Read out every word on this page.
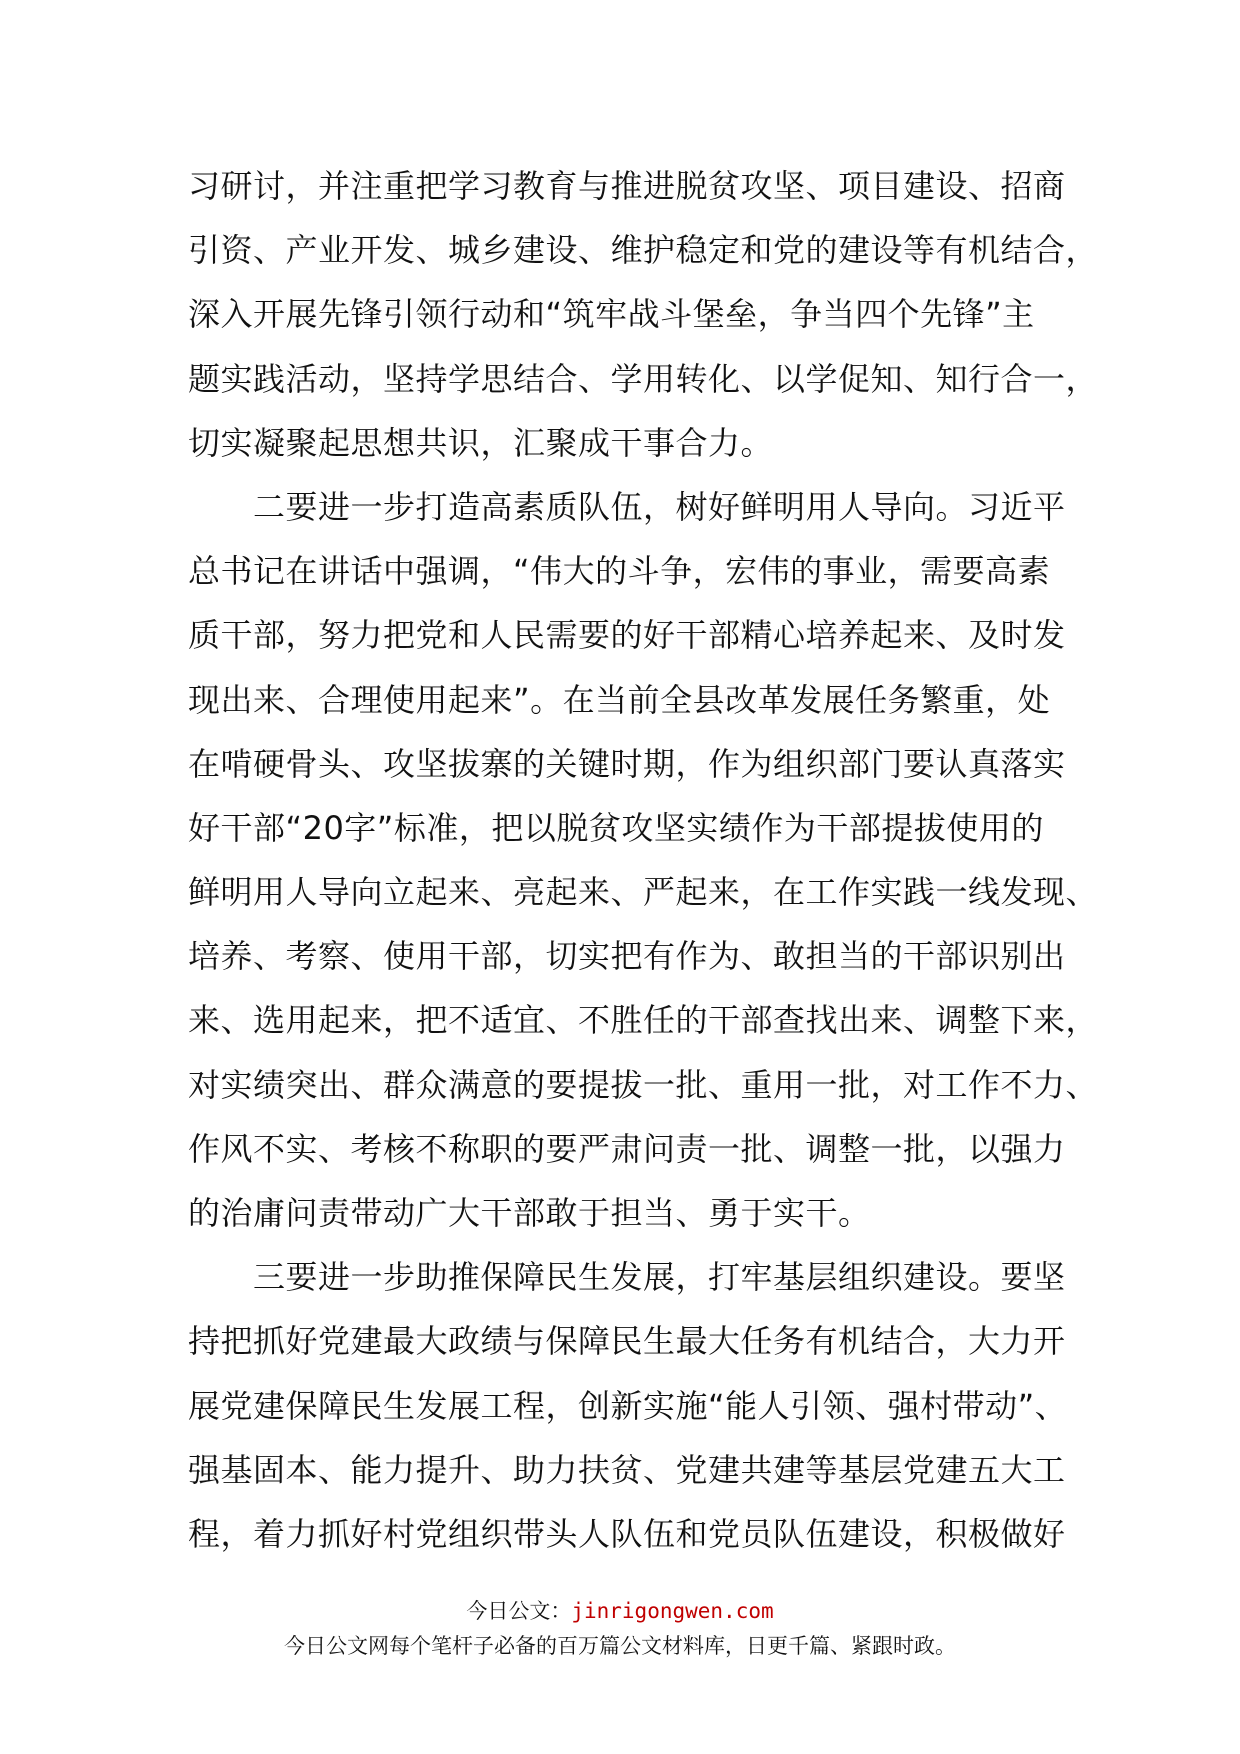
习研讨，并注重把学习教育与推进脱贫攻坚、项目建设、招商
引资、产业开发、城乡建设、维护稳定和党的建设等有机结合，
深入开展先锋引领行动和“筑牢战斗堡垒，争当四个先锋”主
题实践活动，坚持学思结合、学用转化、以学促知、知行合一，
切实凝聚起思想共识，汇聚成干事合力。
　　二要进一步打造高素质队伍，树好鲜明用人导向。习近平
总书记在讲话中强调，“伟大的斗争，宏伟的事业，需要高素
质干部，努力把党和人民需要的好干部精心培养起来、及时发
现出来、合理使用起来”。在当前全县改革发展任务繁重，处
在啃硬骨头、攻坚拔寨的关键时期，作为组织部门要认真落实
好干部“20字”标准，把以脱贫攻坚实绩作为干部提拔使用的
鲜明用人导向立起来、亮起来、严起来，在工作实践一线发现、
培养、考察、使用干部，切实把有作为、敢担当的干部识别出
来、选用起来，把不适宜、不胜任的干部查找出来、调整下来，
对实绩突出、群众满意的要提拔一批、重用一批，对工作不力、
作风不实、考核不称职的要严肃问责一批、调整一批，以强力
的治庸问责带动广大干部敢于担当、勇于实干。
　　三要进一步助推保障民生发展，打牢基层组织建设。要坚
持把抓好党建最大政绩与保障民生最大任务有机结合，大力开
展党建保障民生发展工程，创新实施“能人引领、强村带动”、
强基固本、能力提升、助力扶贫、党建共建等基层党建五大工
程，着力抓好村党组织带头人队伍和党员队伍建设，积极做好
今日公文：jinrigongwen.com
今日公文网每个笔杆子必备的百万篇公文材料库，日更千篇、紧跟时政。
